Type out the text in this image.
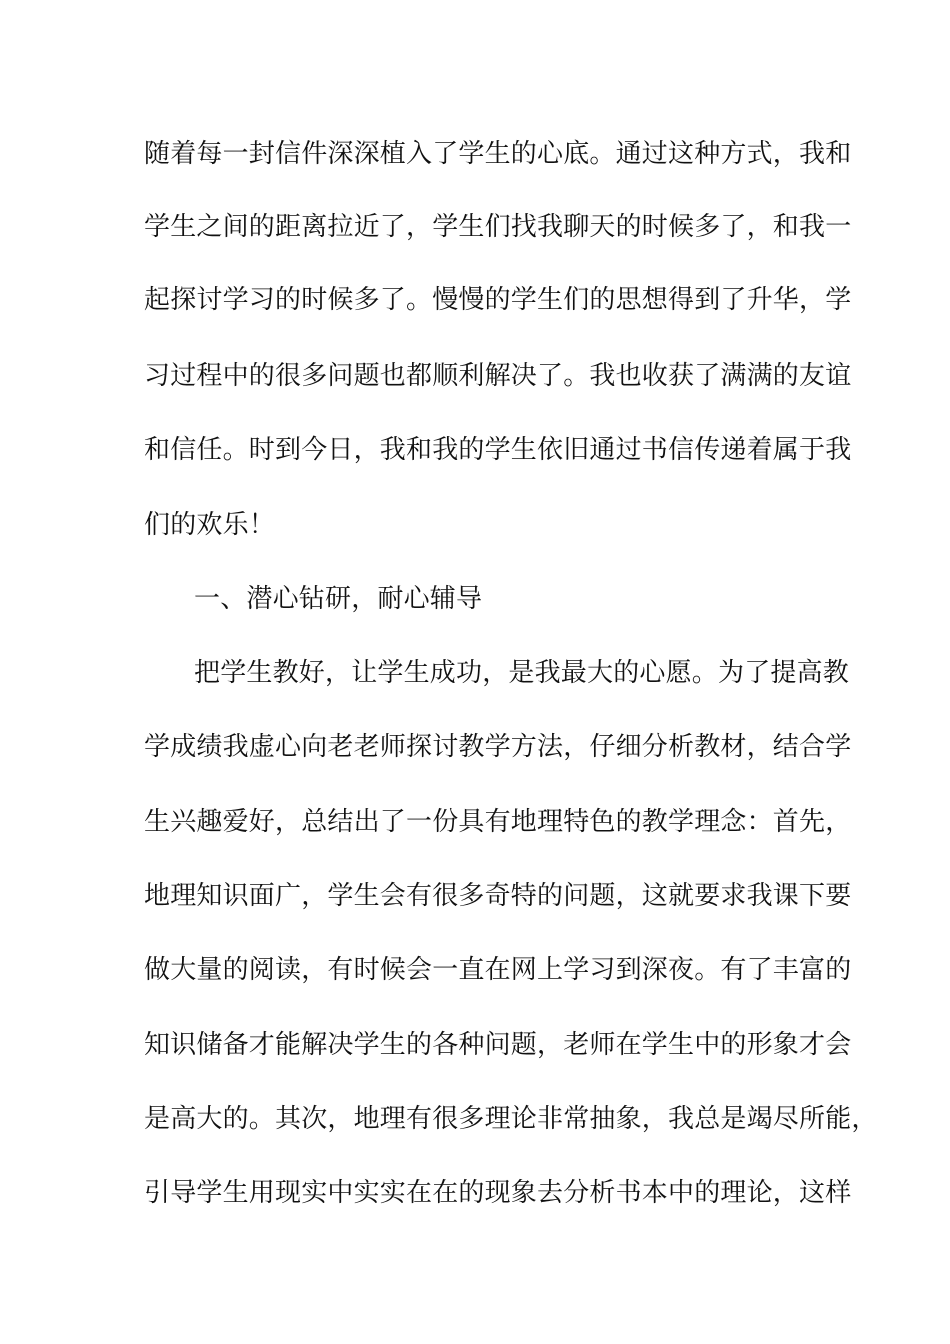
随着每一封信件深深植入了学生的心底。通过这种方式，我和
学生之间的距离拉近了，学生们找我聊天的时候多了，和我一
起探讨学习的时候多了。慢慢的学生们的思想得到了升华，学
习过程中的很多问题也都顺利解决了。我也收获了满满的友谊
和信任。时到今日，我和我的学生依旧通过书信传递着属于我
们的欢乐！
一、潜心钻研，耐心辅导
把学生教好，让学生成功，是我最大的心愿。为了提高教
学成绩我虚心向老老师探讨教学方法，仔细分析教材，结合学
生兴趣爱好，总结出了一份具有地理特色的教学理念：首先，
地理知识面广，学生会有很多奇特的问题，这就要求我课下要
做大量的阅读，有时候会一直在网上学习到深夜。有了丰富的
知识储备才能解决学生的各种问题，老师在学生中的形象才会
是高大的。其次，地理有很多理论非常抽象，我总是竭尽所能，
引导学生用现实中实实在在的现象去分析书本中的理论，这样
